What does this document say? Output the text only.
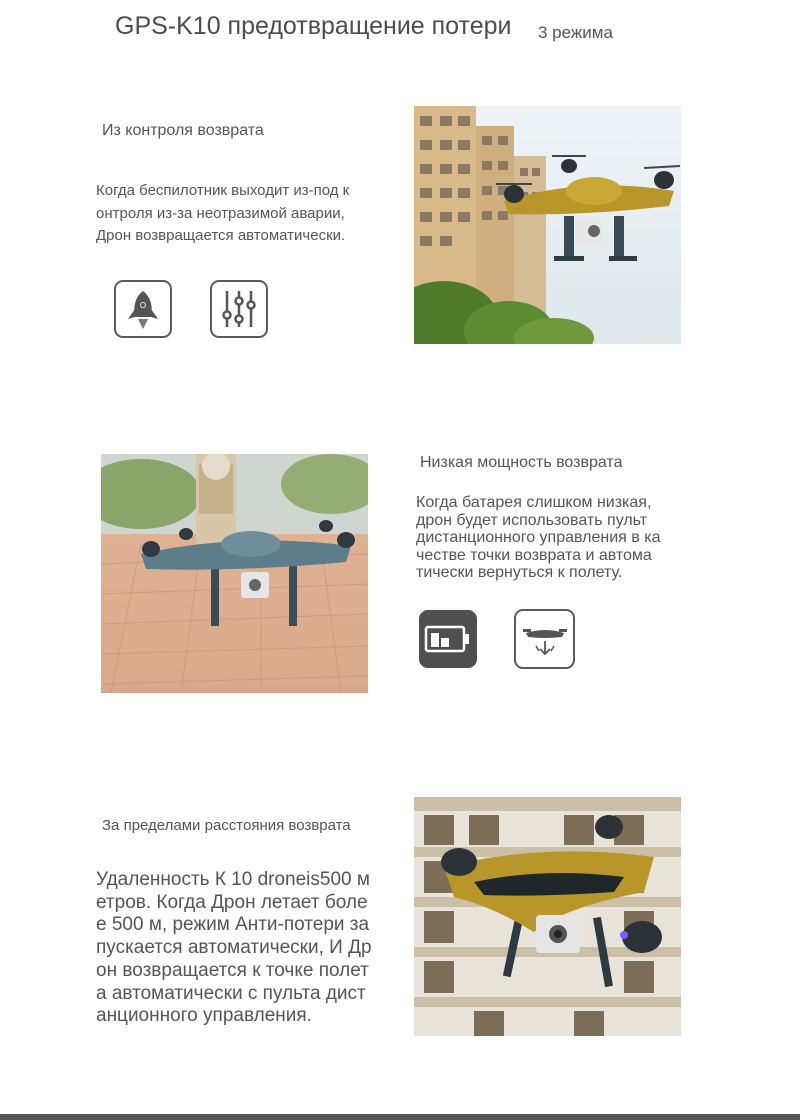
GPS-K10 предотвращение потери 3 режима
Из контроля возврата
Когда беспилотник выходит из-под к
онтроля из-за неотразимой аварии,
Дрон возвращается автоматически.
O
Низкая мощность возврата
Когда батарея слишком низкая,
дрон будет использовать пульт
дистанционного управления в ка
честве точки возврата и автома
тически вернуться к полету.
За пределами расстояния возврата
Удаленность К 10 droneis500 м
етров. Когда Дрон летает боле
е 500 м, режим Анти-потери за
пускается автоматически, И Др
он возвращается к точке полет
а автоматически с пульта дист
анционного управления.
